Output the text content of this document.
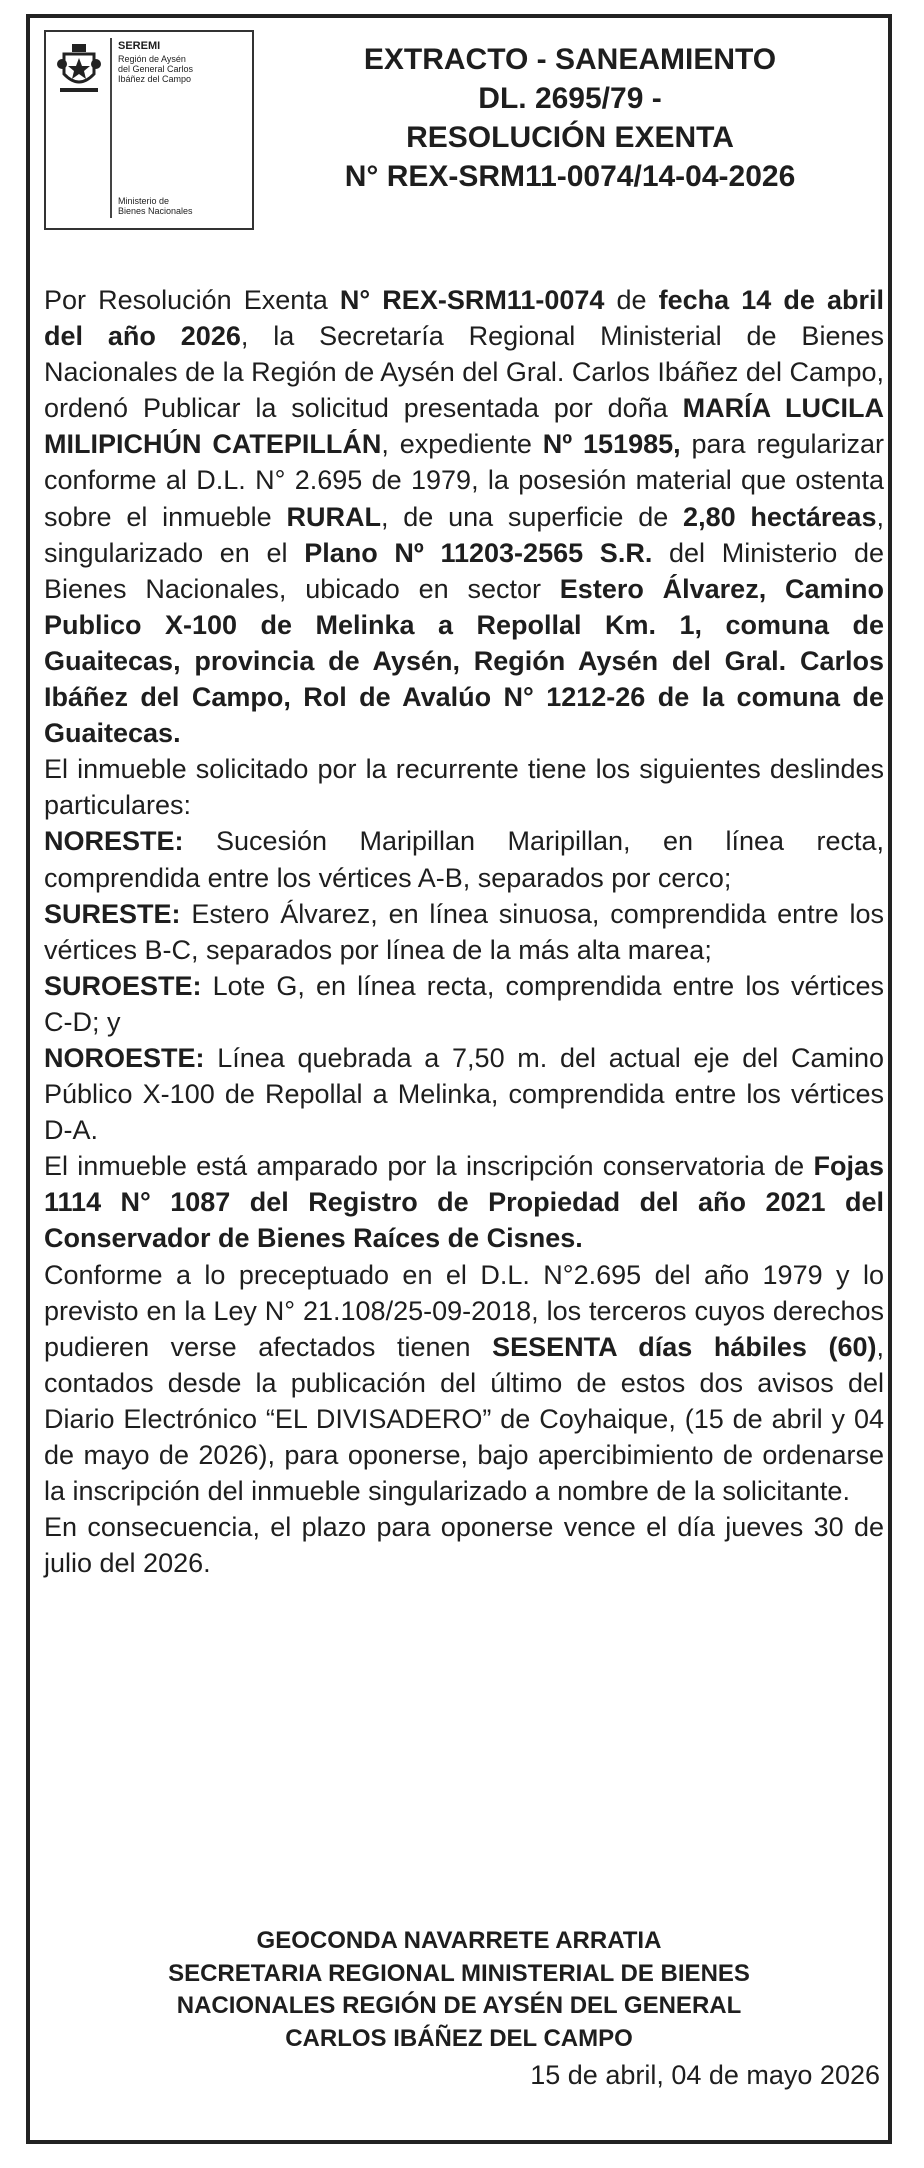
SEREMI
Región de Aysén
del General Carlos
Ibáñez del Campo
Ministerio de
Bienes Nacionales
EXTRACTO - SANEAMIENTO
DL. 2695/79 -
RESOLUCIÓN EXENTA
N° REX-SRM11-0074/14-04-2026

Por Resolución Exenta N° REX-SRM11-0074 de fecha 14 de abril del año 2026, la Secretaría Regional Ministerial de Bienes Nacionales de la Región de Aysén del Gral. Carlos Ibáñez del Campo, ordenó Publicar la solicitud presentada por doña MARÍA LUCILA MILIPICHÚN CATEPILLÁN, expediente Nº 151985, para regularizar conforme al D.L. N° 2.695 de 1979, la posesión material que ostenta sobre el inmueble RURAL, de una superficie de 2,80 hectáreas, singularizado en el Plano Nº 11203-2565 S.R. del Ministerio de Bienes Nacionales, ubicado en sector Estero Álvarez, Camino Publico X-100 de Melinka a Repollal Km. 1, comuna de Guaitecas, provincia de Aysén, Región Aysén del Gral. Carlos Ibáñez del Campo, Rol de Avalúo N° 1212-26 de la comuna de Guaitecas.

El inmueble solicitado por la recurrente tiene los siguientes deslindes particulares:

NORESTE: Sucesión Maripillan Maripillan, en línea recta, comprendida entre los vértices A-B, separados por cerco;

SURESTE: Estero Álvarez, en línea sinuosa, comprendida entre los vértices B-C, separados por línea de la más alta marea;

SUROESTE: Lote G, en línea recta, comprendida entre los vértices C-D; y

NOROESTE: Línea quebrada a 7,50 m. del actual eje del Camino Público X-100 de Repollal a Melinka, comprendida entre los vértices D-A.

El inmueble está amparado por la inscripción conservatoria de Fojas 1114 N° 1087 del Registro de Propiedad del año 2021 del Conservador de Bienes Raíces de Cisnes.

Conforme a lo preceptuado en el D.L. N°2.695 del año 1979 y lo previsto en la Ley N° 21.108/25-09-2018, los terceros cuyos derechos pudieren verse afectados tienen SESENTA días hábiles (60), contados desde la publicación del último de estos dos avisos del Diario Electrónico “EL DIVISADERO” de Coyhaique, (15 de abril y 04 de mayo de 2026), para oponerse, bajo apercibimiento de ordenarse la inscripción del inmueble singularizado a nombre de la solicitante.

En consecuencia, el plazo para oponerse vence el día jueves 30 de julio del 2026.

GEOCONDA NAVARRETE ARRATIA
SECRETARIA REGIONAL MINISTERIAL DE BIENES
NACIONALES REGIÓN DE AYSÉN DEL GENERAL
CARLOS IBÁÑEZ DEL CAMPO
15 de abril, 04 de mayo 2026
